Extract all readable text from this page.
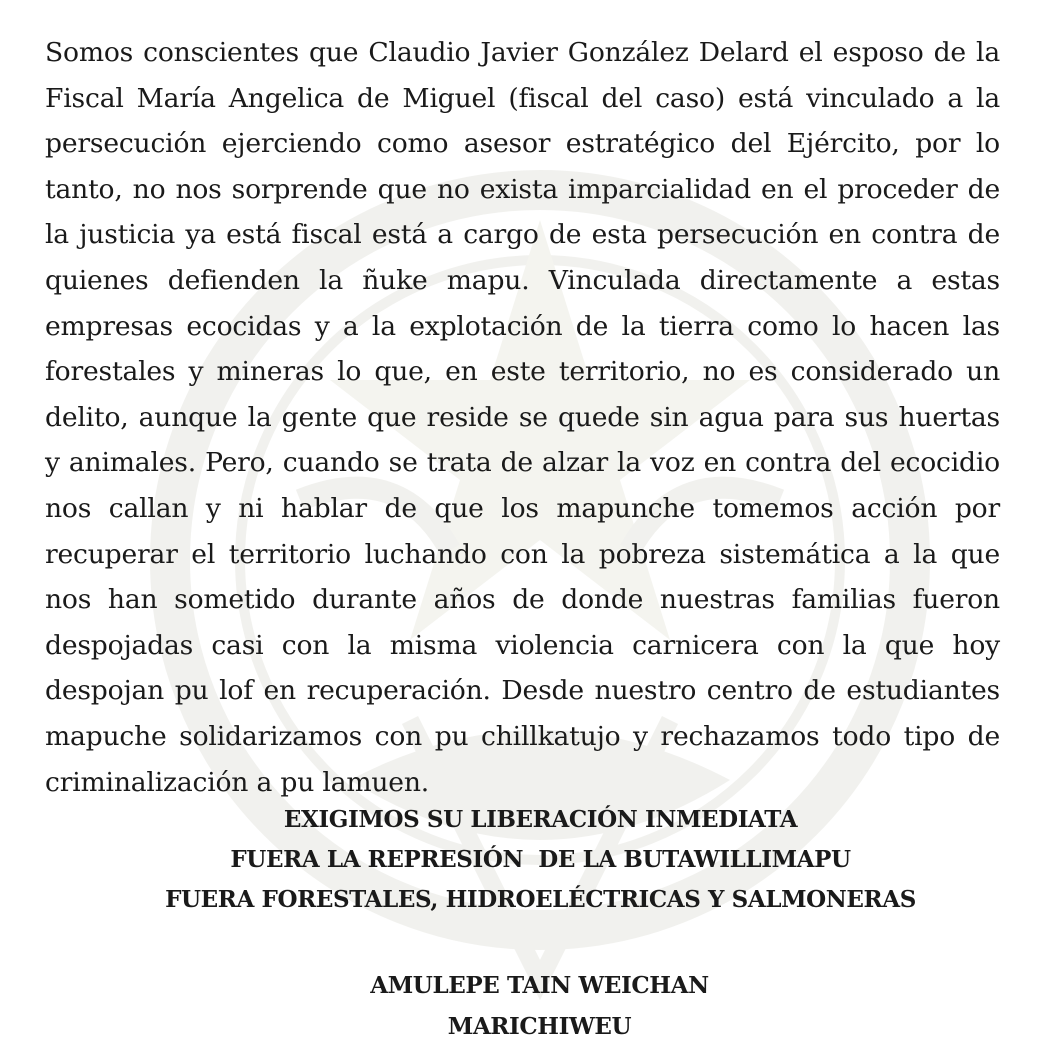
Somos conscientes que Claudio Javier González Delard el esposo de la Fiscal María Angelica de Miguel (fiscal del caso) está vinculado a la persecución ejerciendo como asesor estratégico del Ejército, por lo tanto, no nos sorprende que no exista imparcialidad en el proceder de la justicia ya está fiscal está a cargo de esta persecución en contra de quienes defienden la ñuke mapu. Vinculada directamente a estas empresas ecocidas y a la explotación de la tierra como lo hacen las forestales y mineras lo que, en este territorio, no es considerado un delito, aunque la gente que reside se quede sin agua para sus huertas y animales. Pero, cuando se trata de alzar la voz en contra del ecocidio nos callan y ni hablar de que los mapunche tomemos acción por recuperar el territorio luchando con la pobreza sistemática a la que nos han sometido durante años de donde nuestras familias fueron despojadas casi con la misma violencia carnicera con la que hoy despojan pu lof en recuperación. Desde nuestro centro de estudiantes mapuche solidarizamos con pu chillkatujo y rechazamos todo tipo de criminalización a pu lamuen.

EXIGIMOS SU LIBERACIÓN INMEDIATA
FUERA LA REPRESIÓN  DE LA BUTAWILLIMAPU
FUERA FORESTALES, HIDROELÉCTRICAS Y SALMONERAS
AMULEPE TAIN WEICHAN
MARICHIWEU
